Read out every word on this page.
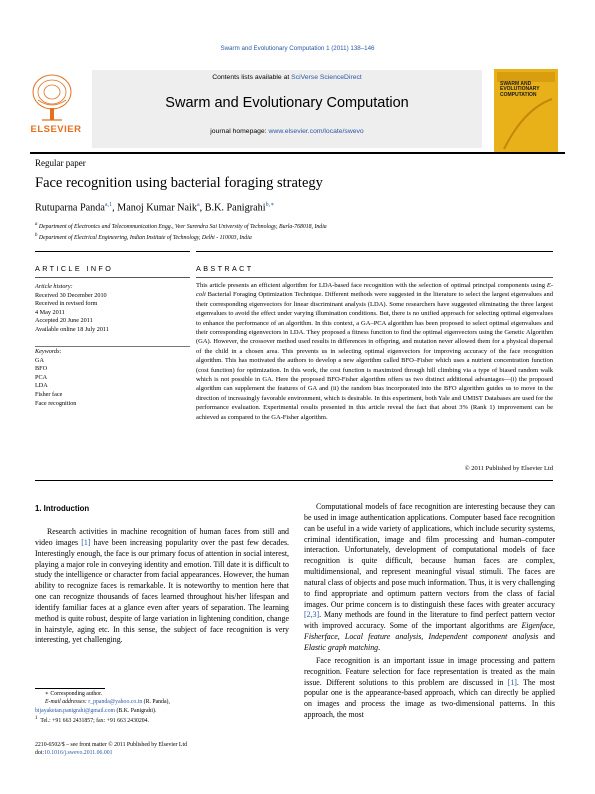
Swarm and Evolutionary Computation 1 (2011) 138–146
ELSEVIER
Contents lists available at SciVerse ScienceDirect
Swarm and Evolutionary Computation
journal homepage: www.elsevier.com/locate/swevo
SWARM AND EVOLUTIONARY COMPUTATION
Regular paper
Face recognition using bacterial foraging strategy
Rutuparna Panda$^{a,1}$, Manoj Kumar Naik$^a$, B.K. Panigrahi$^{b,∗}$
$^a$ Department of Electronics and Telecommunication Engg., Veer Surendra Sai University of Technology, Burla-768018, India
$^b$ Department of Electrical Engineering, Indian Institute of Technology, Delhi - 110003, India
ARTICLE INFO	ABSTRACT
Article history:
Received 30 December 2010
Received in revised form
4 May 2011
Accepted 20 June 2011
Available online 18 July 2011
Keywords:
GA
BFO
PCA
LDA
Fisher face
Face recognition
This article presents an efficient algorithm for LDA-based face recognition with the selection of optimal principal components using E-coli Bacterial Foraging Optimization Technique. Different methods were suggested in the literature to select the largest eigenvalues and their corresponding eigenvectors for linear discriminant analysis (LDA). Some researchers have suggested eliminating the three largest eigenvalues to avoid the effect under varying illumination conditions. But, there is no unified approach for selecting optimal eigenvalues to enhance the performance of an algorithm. In this context, a GA–PCA algorithm has been proposed to select optimal eigenvalues and their corresponding eigenvectors in LDA. They proposed a fitness function to find the optimal eigenvectors using the Genetic Algorithm (GA). However, the crossover method used results in differences in offspring, and mutation never allowed them for a physical dispersal of the child in a chosen area. This prevents us in selecting optimal eigenvectors for improving accuracy of the face recognition algorithm. This has motivated the authors to develop a new algorithm called BFO–Fisher which uses a nutrient concentration function (cost function) for optimization. In this work, the cost function is maximized through hill climbing via a type of biased random walk which is not possible in GA. Here the proposed BFO-Fisher algorithm offers us two distinct additional advantages—(i) the proposed algorithm can supplement the features of GA and (ii) the random bias incorporated into the BFO algorithm guides us to move in the direction of increasingly favorable environment, which is desirable. In this experiment, both Yale and UMIST Databases are used for the performance evaluation. Experimental results presented in this article reveal the fact that about 3% (Rank 1) improvement can be achieved as compared to the GA-Fisher algorithm.
© 2011 Published by Elsevier Ltd
1. Introduction

Research activities in machine recognition of human faces from still and video images [1] have been increasing popularity over the past few decades. Interestingly enough, the face is our primary focus of attention in social interest, playing a major role in conveying identity and emotion. Till date it is difficult to study the intelligence or character from facial appearances. However, the human ability to recognize faces is remarkable. It is noteworthy to mention here that one can recognize thousands of faces learned throughout his/her lifespan and identify familiar faces at a glance even after years of separation. The learning method is quite robust, despite of large variation in lightening condition, change in hairstyle, aging etc. In this sense, the subject of face recognition is very interesting, yet challenging.

Computational models of face recognition are interesting because they can be used in image authentication applications. Computer based face recognition can be useful in a wide variety of applications, which include security systems, criminal identification, image and film processing and human–computer interaction. Unfortunately, development of computational models of face recognition is quite difficult, because human faces are complex, multidimensional, and represent meaningful visual stimuli. The faces are natural class of objects and pose much information. Thus, it is very challenging to find appropriate and optimum pattern vectors from the class of facial images. Our prime concern is to distinguish these faces with greater accuracy [2,3]. Many methods are found in the literature to find perfect pattern vector with improved accuracy. Some of the important algorithms are Eigenface, Fisherface, Local feature analysis, Independent component analysis and Elastic graph matching.

Face recognition is an important issue in image processing and pattern recognition. Feature selection for face representation is treated as the main issue. Different solutions to this problem are discussed in [1]. The most popular one is the appearance-based approach, which can directly be applied on images and process the image as two-dimensional patterns. In this approach, the most

∗ Corresponding author.
E-mail addresses: r_ppanda@yahoo.co.in (R. Panda),
bijayaketan.panigrahi@gmail.com (B.K. Panigrahi).
$^1$ Tel.: +91 663 2431857; fax: +91 663 2430204.
2210-6502/$ – see front matter © 2011 Published by Elsevier Ltd
doi:10.1016/j.swevo.2011.06.001
